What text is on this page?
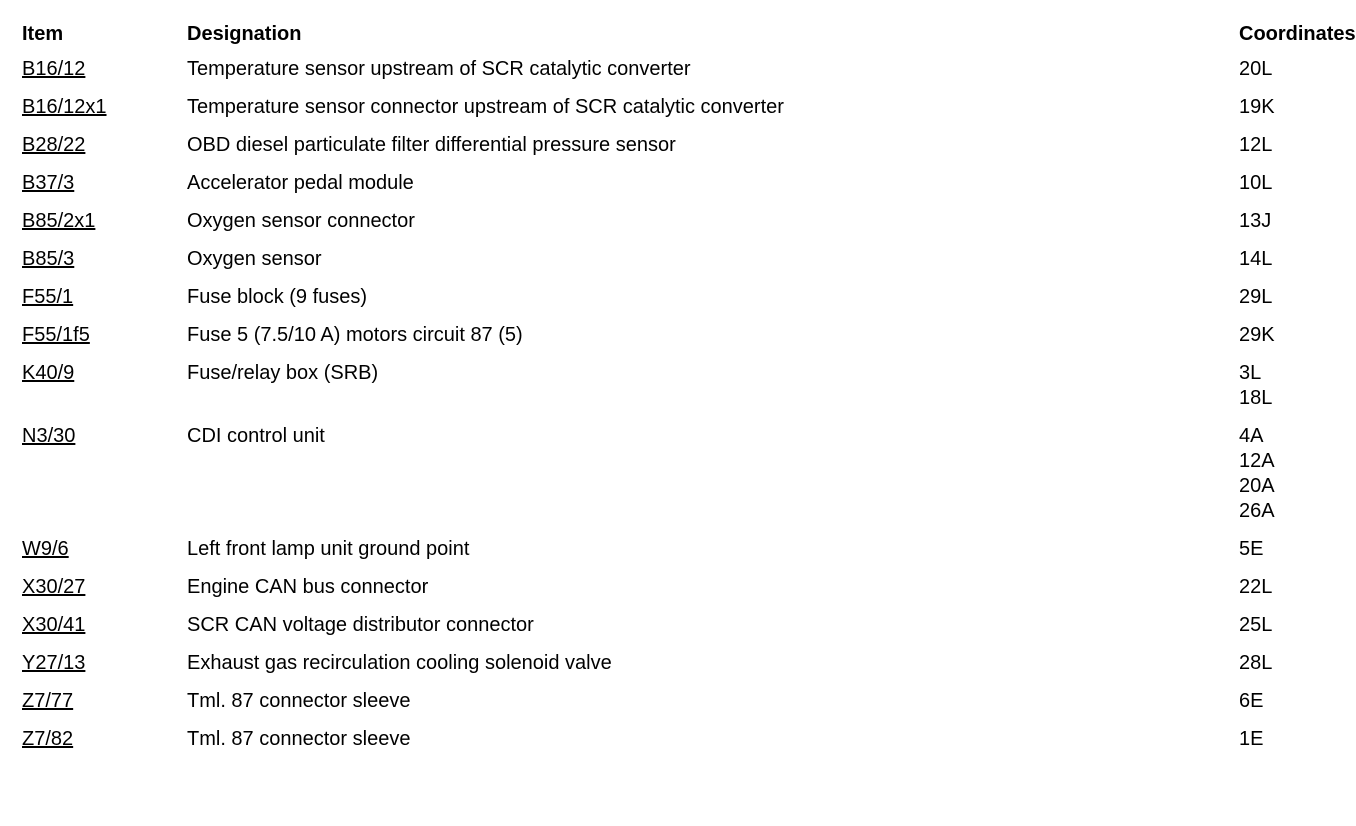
Item	Designation	Coordinates
B16/12	Temperature sensor upstream of SCR catalytic converter	20L

B16/12x1	Temperature sensor connector upstream of SCR catalytic converter	19K

B28/22	OBD diesel particulate filter differential pressure sensor	12L

B37/3	Accelerator pedal module	10L

B85/2x1	Oxygen sensor connector	13J

B85/3	Oxygen sensor	14L

F55/1	Fuse block (9 fuses)	29L

F55/1f5	Fuse 5 (7.5/10 A) motors circuit 87 (5)	29K

K40/9	Fuse/relay box (SRB)	3L
18L

N3/30	CDI control unit	4A
12A
20A
26A

W9/6	Left front lamp unit ground point	5E

X30/27	Engine CAN bus connector	22L

X30/41	SCR CAN voltage distributor connector	25L

Y27/13	Exhaust gas recirculation cooling solenoid valve	28L

Z7/77	Tml. 87 connector sleeve	6E

Z7/82	Tml. 87 connector sleeve	1E
